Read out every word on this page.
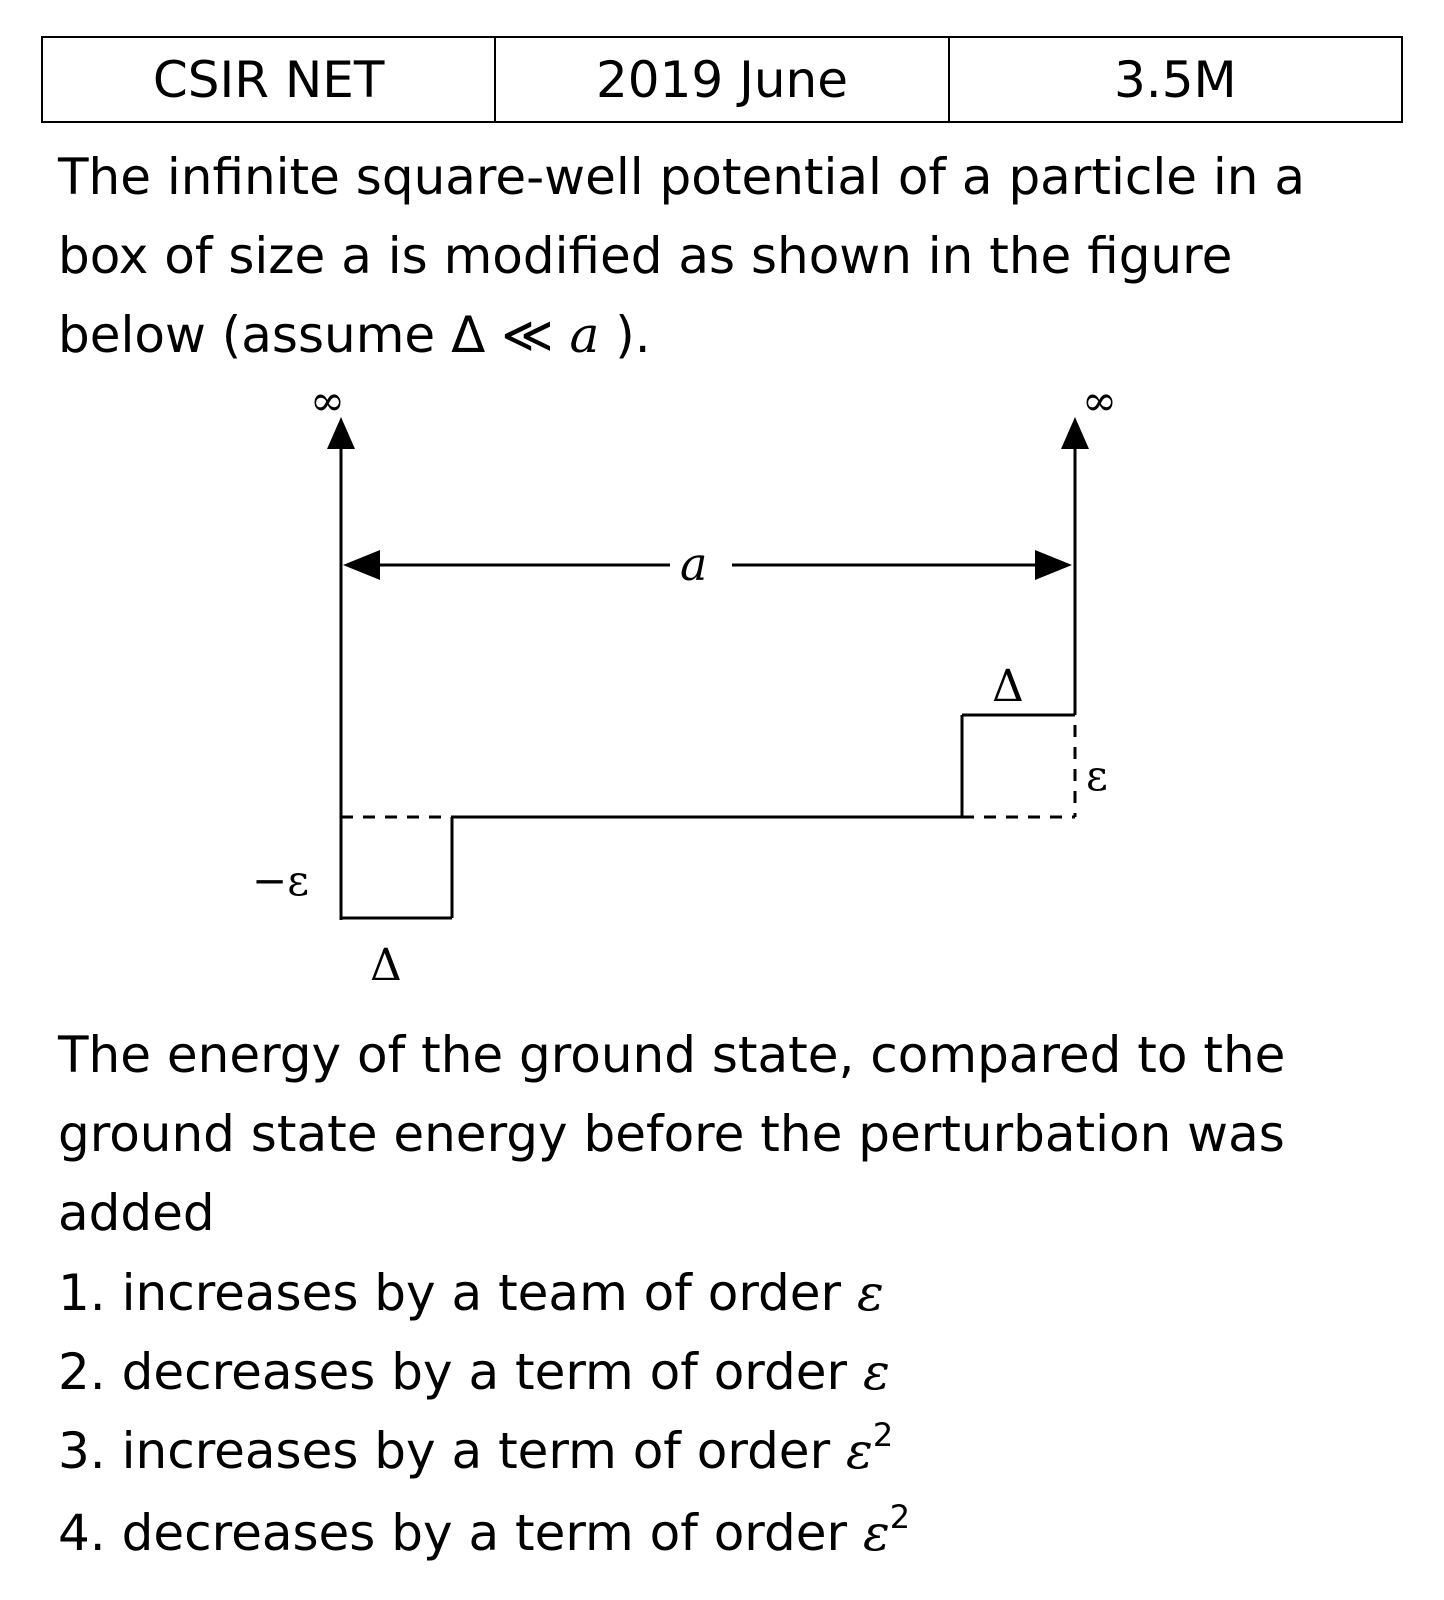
CSIR NET	2019 June	3.5M
The infinite square-well potential of a particle in a
box of size a is modified as shown in the figure
below (assume Δ ≪ a ).
∞	∞
a
−ε
Δ
Δ
ε
The energy of the ground state, compared to the
ground state energy before the perturbation was
added
1. increases by a team of order ε
2. decreases by a term of order ε
3. increases by a term of order $\varepsilon^2$
4. decreases by a term of order $\varepsilon^2$
